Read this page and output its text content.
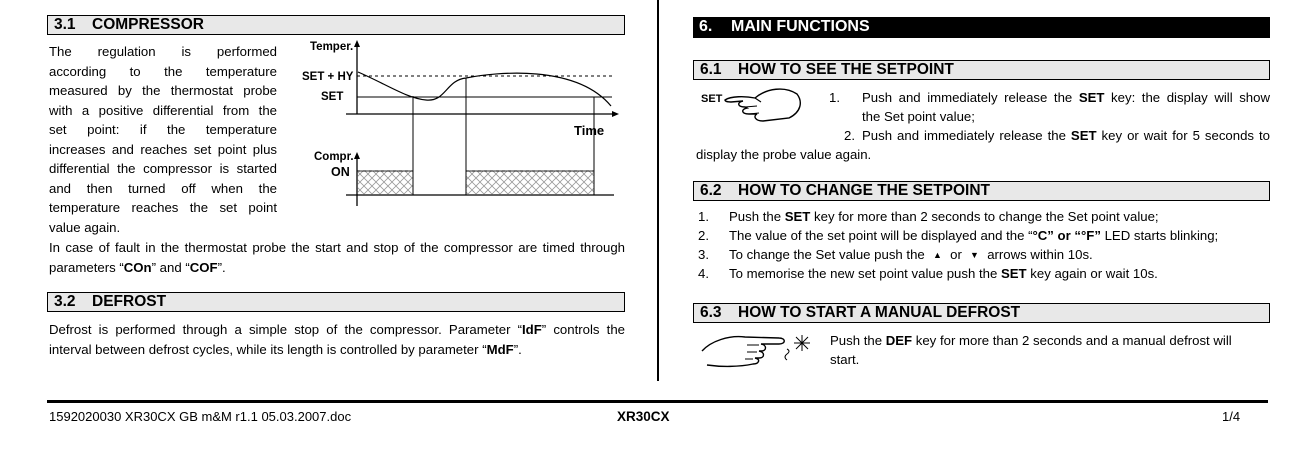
3.1 COMPRESSOR
The regulation is performed
according to the temperature
measured by the thermostat probe
with a positive differential from the
set point: if the temperature
increases and reaches set point plus
differential the compressor is started
and then turned off when the
temperature reaches the set point
value again.
Temper.
SET + HY
SET
Time
Compr.
ON
In case of fault in the thermostat probe the start and stop of the compressor are timed through
parameters “COn” and “COF”.
3.2 DEFROST
Defrost is performed through a simple stop of the compressor. Parameter “IdF” controls the
interval between defrost cycles, while its length is controlled by parameter “MdF”.
6. MAIN FUNCTIONS
6.1 HOW TO SEE THE SETPOINT
SET	1. Push and immediately release the SET key: the display will show
the Set point value;
2. Push and immediately release the SET key or wait for 5 seconds to
display the probe value again.
6.2 HOW TO CHANGE THE SETPOINT
1. Push the SET key for more than 2 seconds to change the Set point value;
2. The value of the set point will be displayed and the “°C” or “°F” LED starts blinking;
3. To change the Set value push the ▲ or ▼ arrows within 10s.
4. To memorise the new set point value push the SET key again or wait 10s.
6.3 HOW TO START A MANUAL DEFROST
Push the DEF key for more than 2 seconds and a manual defrost will
start.
1592020030 XR30CX GB m&M r1.1 05.03.2007.doc	XR30CX	1/4
